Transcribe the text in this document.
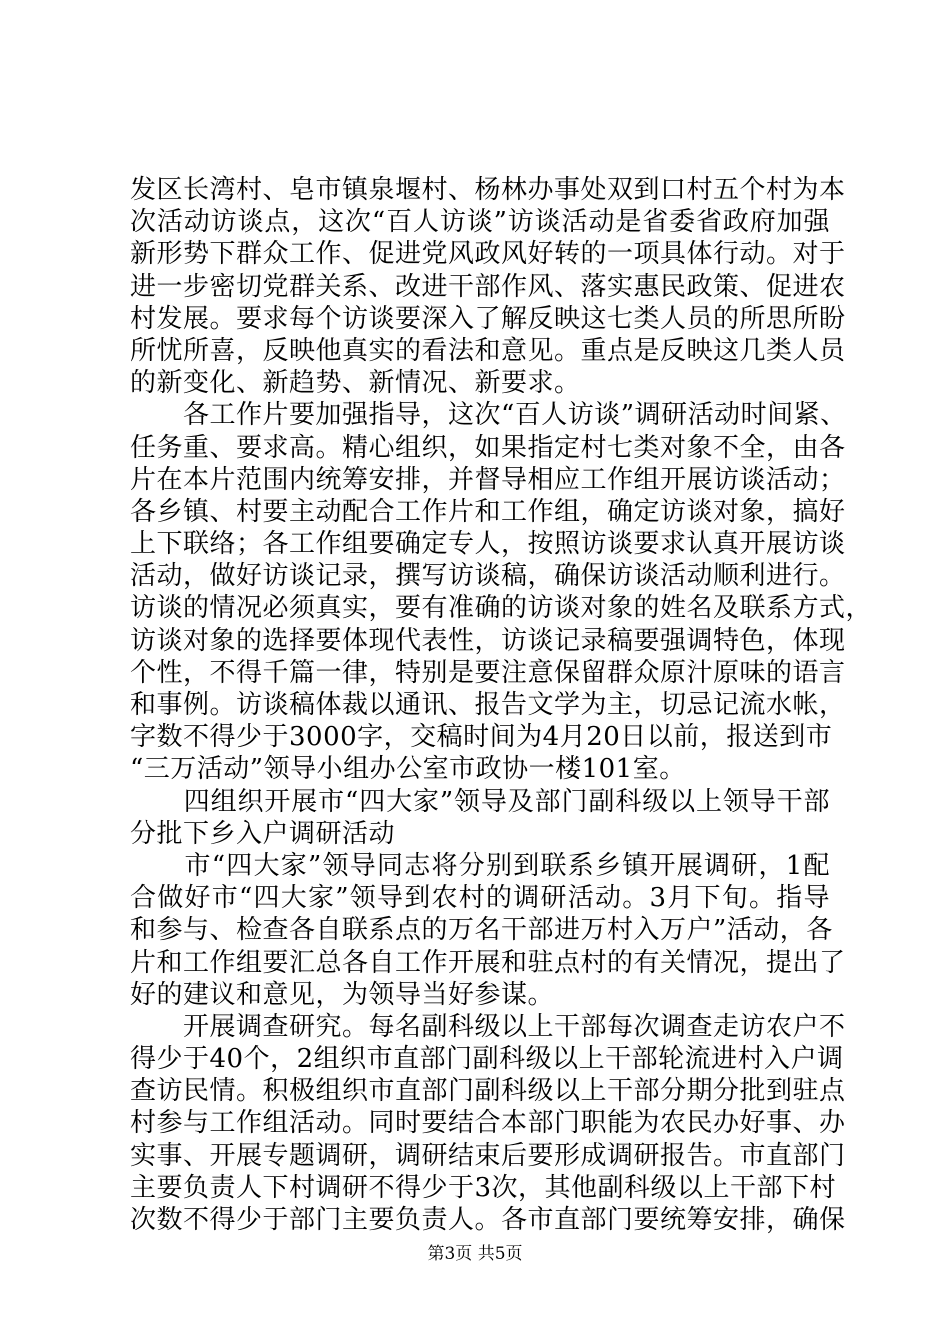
发区长湾村、皂市镇泉堰村、杨林办事处双到口村五个村为本
次活动访谈点，这次“百人访谈”访谈活动是省委省政府加强
新形势下群众工作、促进党风政风好转的一项具体行动。对于
进一步密切党群关系、改进干部作风、落实惠民政策、促进农
村发展。要求每个访谈要深入了解反映这七类人员的所思所盼
所忧所喜，反映他真实的看法和意见。重点是反映这几类人员
的新变化、新趋势、新情况、新要求。
　　各工作片要加强指导，这次“百人访谈”调研活动时间紧、
任务重、要求高。精心组织，如果指定村七类对象不全，由各
片在本片范围内统筹安排，并督导相应工作组开展访谈活动；
各乡镇、村要主动配合工作片和工作组，确定访谈对象，搞好
上下联络；各工作组要确定专人，按照访谈要求认真开展访谈
活动，做好访谈记录，撰写访谈稿，确保访谈活动顺利进行。
访谈的情况必须真实，要有准确的访谈对象的姓名及联系方式，
访谈对象的选择要体现代表性，访谈记录稿要强调特色，体现
个性，不得千篇一律，特别是要注意保留群众原汁原味的语言
和事例。访谈稿体裁以通讯、报告文学为主，切忌记流水帐，
字数不得少于3000字，交稿时间为4月20日以前，报送到市
“三万活动”领导小组办公室市政协一楼101室。
　　四组织开展市“四大家”领导及部门副科级以上领导干部
分批下乡入户调研活动
　　市“四大家”领导同志将分别到联系乡镇开展调研，1配
合做好市“四大家”领导到农村的调研活动。3月下旬。指导
和参与、检查各自联系点的万名干部进万村入万户”活动，各
片和工作组要汇总各自工作开展和驻点村的有关情况，提出了
好的建议和意见，为领导当好参谋。
　　开展调查研究。每名副科级以上干部每次调查走访农户不
得少于40个，2组织市直部门副科级以上干部轮流进村入户调
查访民情。积极组织市直部门副科级以上干部分期分批到驻点
村参与工作组活动。同时要结合本部门职能为农民办好事、办
实事、开展专题调研，调研结束后要形成调研报告。市直部门
主要负责人下村调研不得少于3次，其他副科级以上干部下村
次数不得少于部门主要负责人。各市直部门要统筹安排，确保
第3页 共5页
